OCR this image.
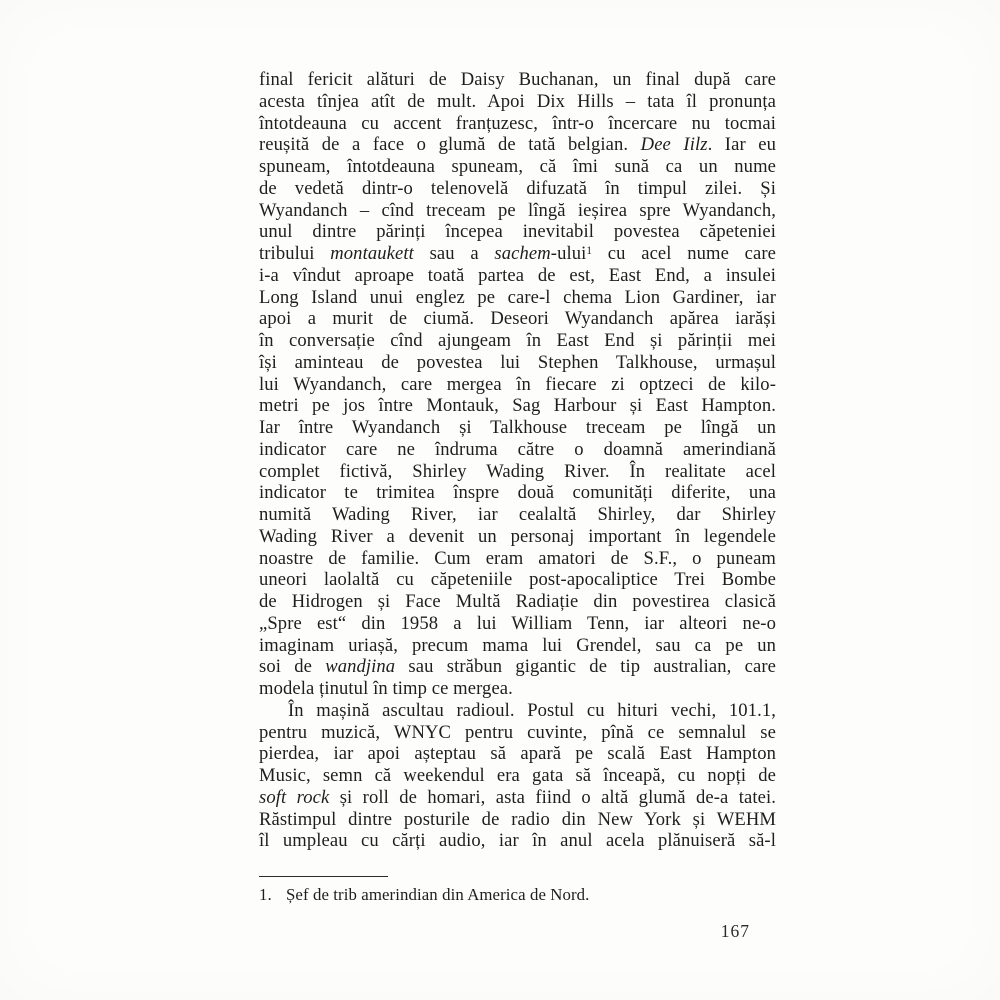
final fericit alături de Daisy Buchanan, un final după care
acesta tînjea atît de mult. Apoi Dix Hills – tata îl pronunța
întotdeauna cu accent franțuzesc, într-o încercare nu tocmai
reușită de a face o glumă de tată belgian. Dee Iilz. Iar eu
spuneam, întotdeauna spuneam, că îmi sună ca un nume
de vedetă dintr-o telenovelă difuzată în timpul zilei. Și
Wyandanch – cînd treceam pe lîngă ieșirea spre Wyandanch,
unul dintre părinți începea inevitabil povestea căpeteniei
tribului montaukett sau a sachem-ului$^1$ cu acel nume care
i-a vîndut aproape toată partea de est, East End, a insulei
Long Island unui englez pe care-l chema Lion Gardiner, iar
apoi a murit de ciumă. Deseori Wyandanch apărea iarăși
în conversație cînd ajungeam în East End și părinții mei
își aminteau de povestea lui Stephen Talkhouse, urmașul
lui Wyandanch, care mergea în fiecare zi optzeci de kilo-
metri pe jos între Montauk, Sag Harbour și East Hampton.
Iar între Wyandanch și Talkhouse treceam pe lîngă un
indicator care ne îndruma către o doamnă amerindiană
complet fictivă, Shirley Wading River. În realitate acel
indicator te trimitea înspre două comunități diferite, una
numită Wading River, iar cealaltă Shirley, dar Shirley
Wading River a devenit un personaj important în legendele
noastre de familie. Cum eram amatori de S.F., o puneam
uneori laolaltă cu căpeteniile post-apocaliptice Trei Bombe
de Hidrogen și Face Multă Radiație din povestirea clasică
„Spre est“ din 1958 a lui William Tenn, iar alteori ne-o
imaginam uriașă, precum mama lui Grendel, sau ca pe un
soi de wandjina sau străbun gigantic de tip australian, care
modela ținutul în timp ce mergea.
În mașină ascultau radioul. Postul cu hituri vechi, 101.1,
pentru muzică, WNYC pentru cuvinte, pînă ce semnalul se
pierdea, iar apoi așteptau să apară pe scală East Hampton
Music, semn că weekendul era gata să înceapă, cu nopți de
soft rock și roll de homari, asta fiind o altă glumă de-a tatei.
Răstimpul dintre posturile de radio din New York și WEHM
îl umpleau cu cărți audio, iar în anul acela plănuiseră să-l
1. Șef de trib amerindian din America de Nord.
167
